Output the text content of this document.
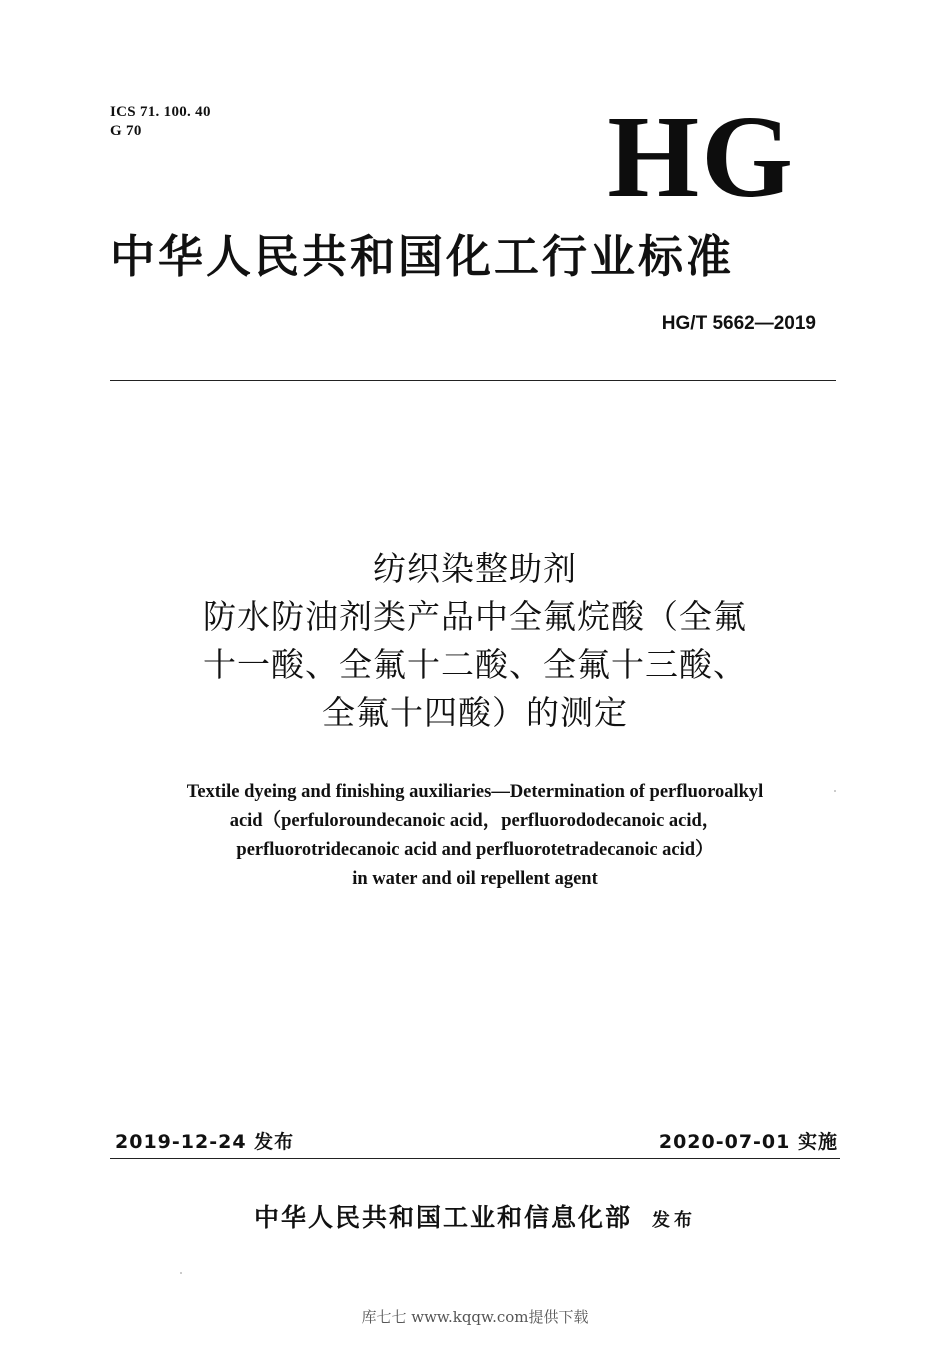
ICS 71. 100. 40
G 70	HG
中华人民共和国化工行业标准
HG/T 5662—2019
纺织染整助剂
防水防油剂类产品中全氟烷酸（全氟
十一酸、全氟十二酸、全氟十三酸、
全氟十四酸）的测定
Textile dyeing and finishing auxiliaries—Determination of perfluoroalkyl
acid（perfuloroundecanoic acid，perfluorododecanoic acid，
perfluorotridecanoic acid and perfluorotetradecanoic acid）
in water and oil repellent agent
2019-12-24 发布	2020-07-01 实施
中华人民共和国工业和信息化部 发布
库七七 www.kqqw.com提供下载
